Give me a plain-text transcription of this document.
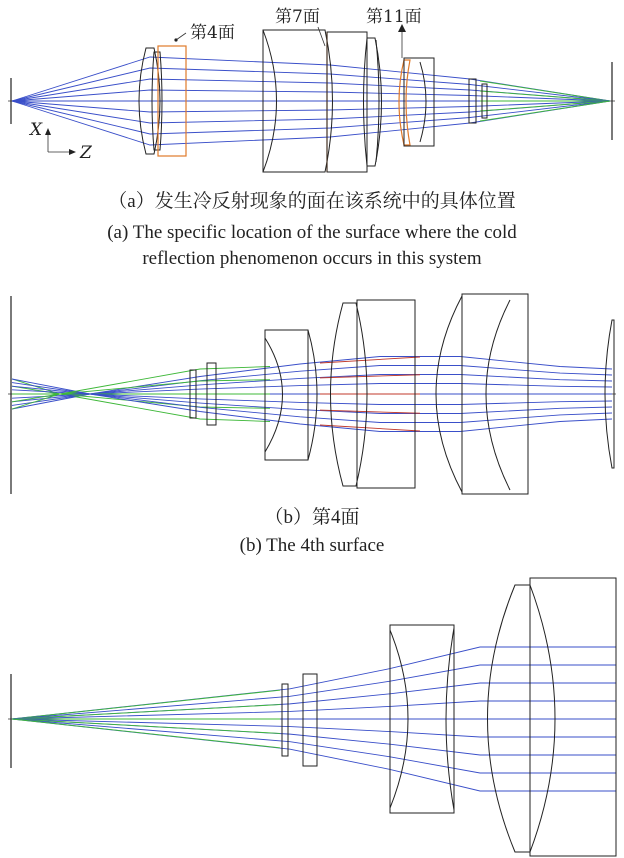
第4面
第7面	第11面
X
Z
（a）发生冷反射现象的面在该系统中的具体位置
(a) The specific location of the surface where the cold
reflection phenomenon occurs in this system
（b）第4面
(b) The 4th surface
